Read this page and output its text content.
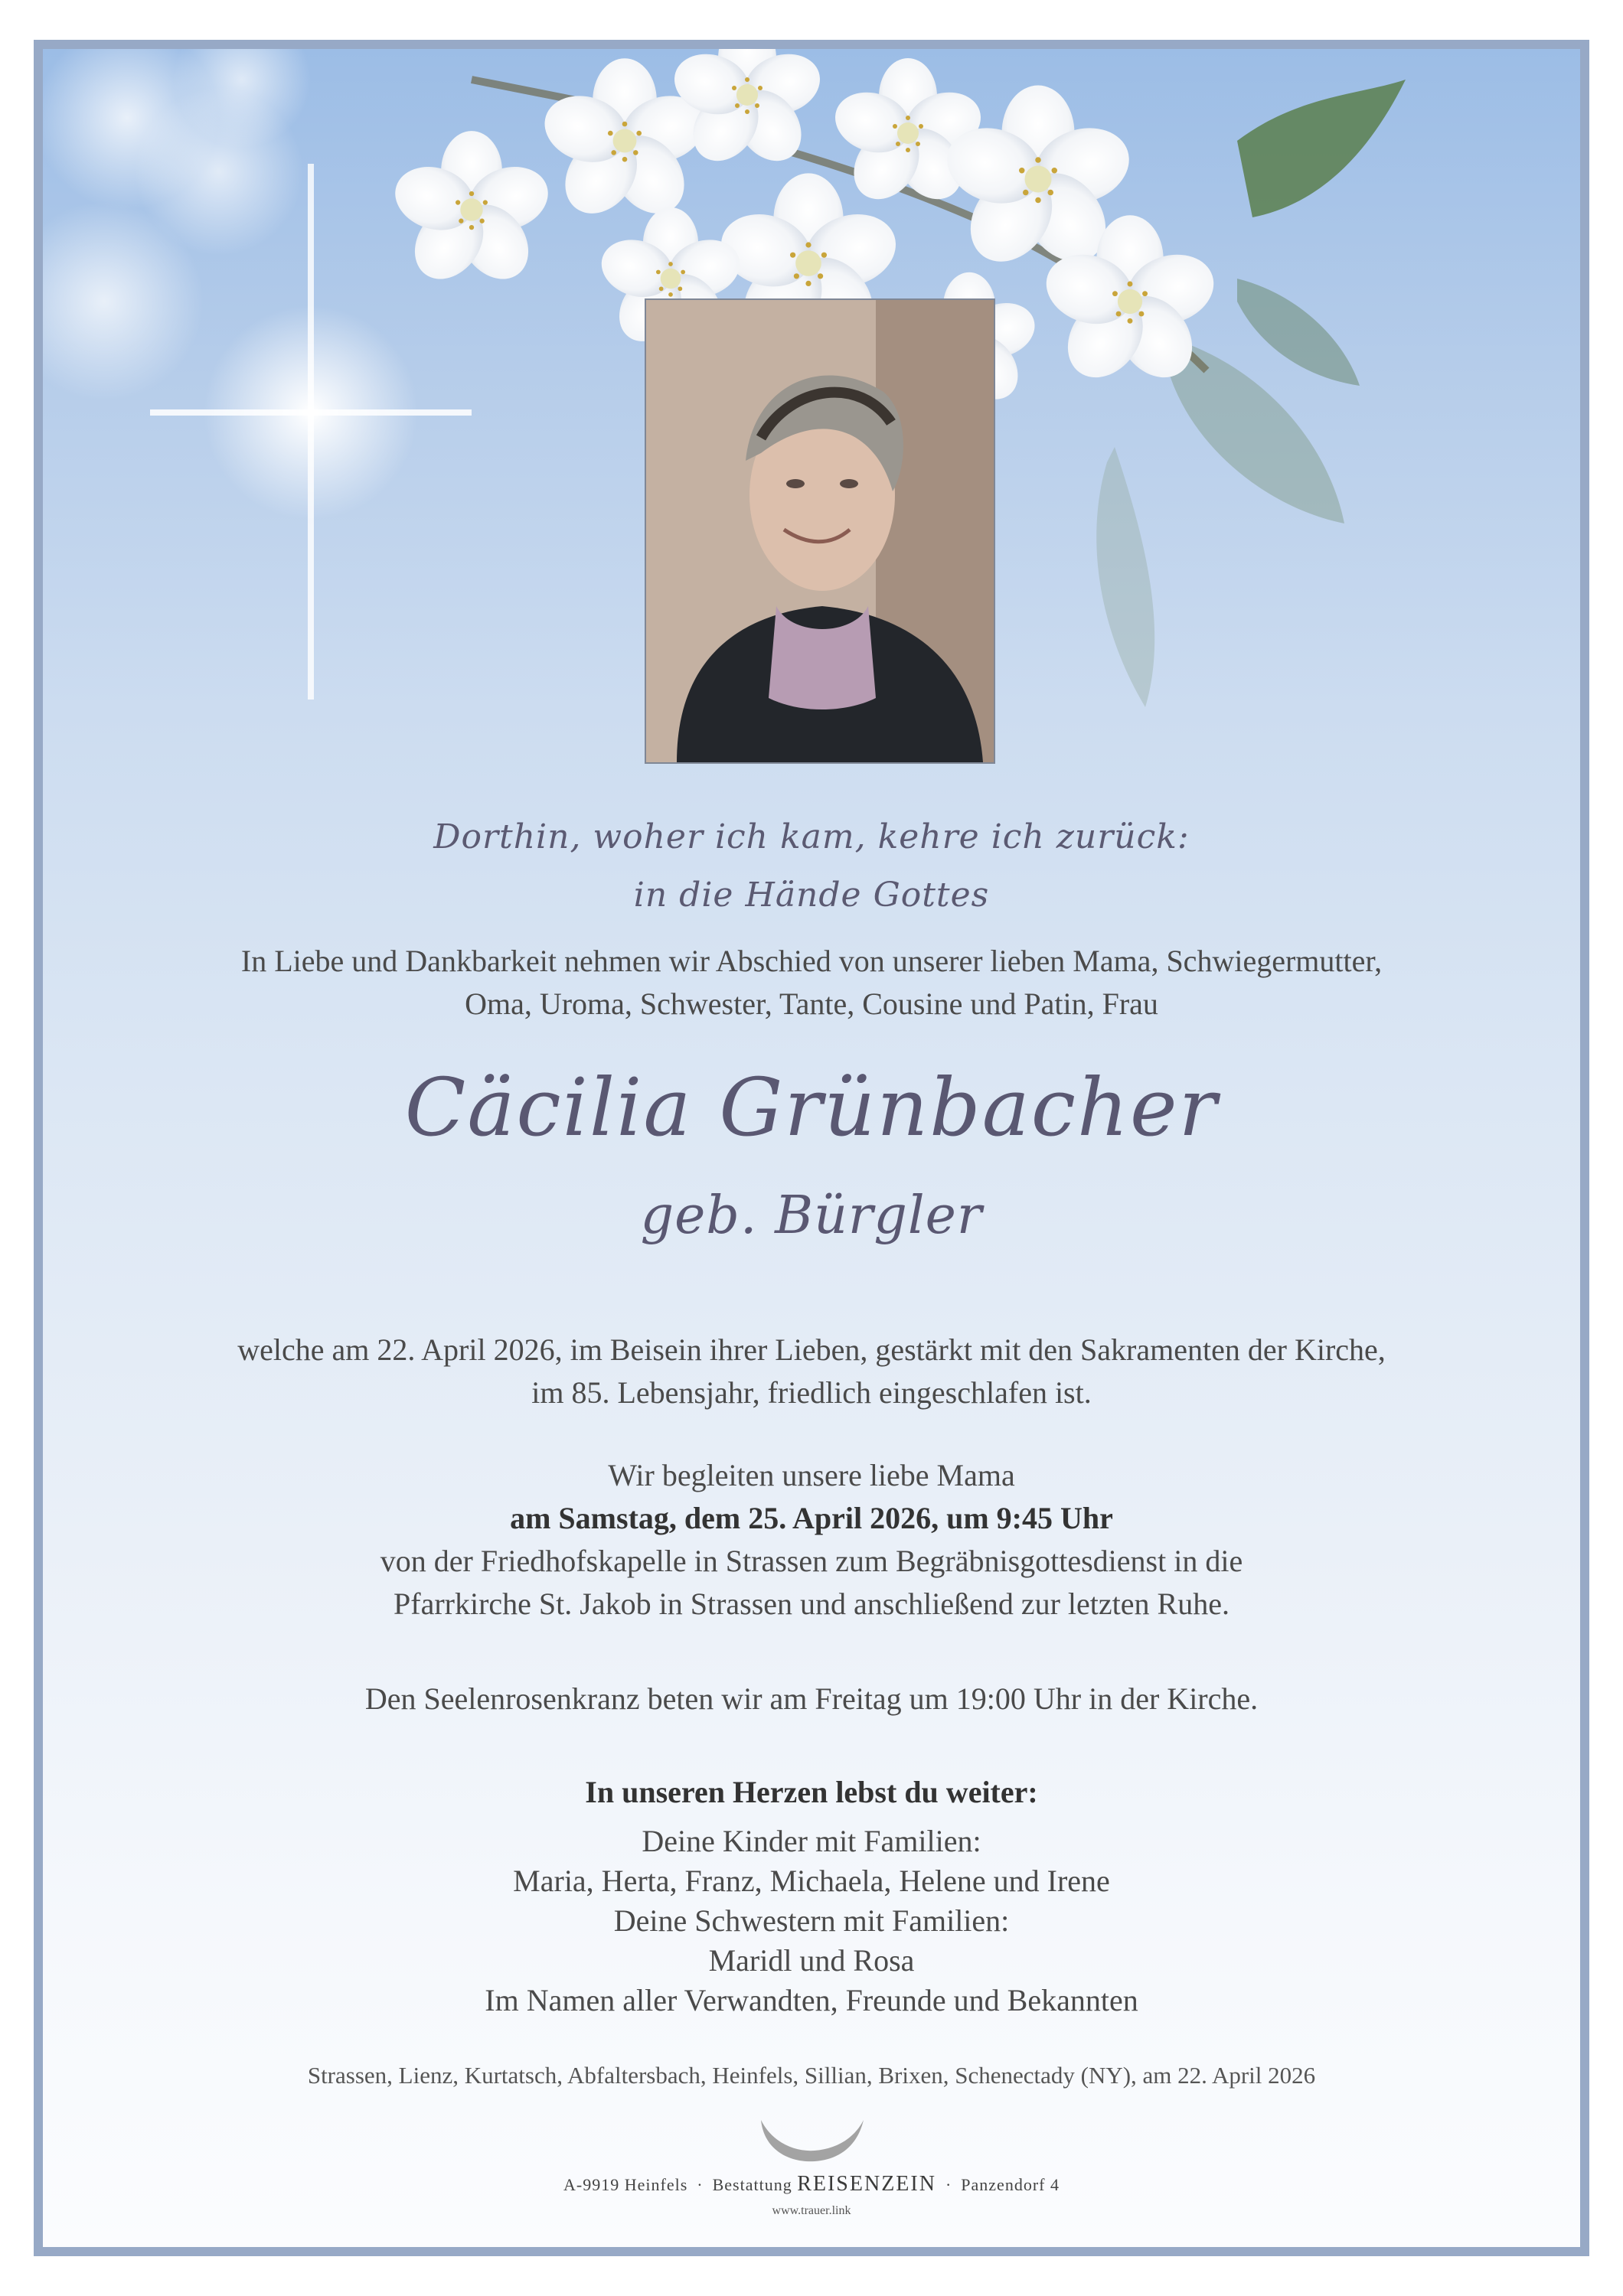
Dorthin, woher ich kam, kehre ich zurück:
in die Hände Gottes
In Liebe und Dankbarkeit nehmen wir Abschied von unserer lieben Mama, Schwiegermutter,
Oma, Uroma, Schwester, Tante, Cousine und Patin, Frau
Cäcilia Grünbacher
geb. Bürgler
welche am 22. April 2026, im Beisein ihrer Lieben, gestärkt mit den Sakramenten der Kirche,
im 85. Lebensjahr, friedlich eingeschlafen ist.
Wir begleiten unsere liebe Mama
am Samstag, dem 25. April 2026, um 9:45 Uhr
von der Friedhofskapelle in Strassen zum Begräbnisgottesdienst in die
Pfarrkirche St. Jakob in Strassen und anschließend zur letzten Ruhe.
Den Seelenrosenkranz beten wir am Freitag um 19:00 Uhr in der Kirche.
In unseren Herzen lebst du weiter:
Deine Kinder mit Familien:
Maria, Herta, Franz, Michaela, Helene und Irene
Deine Schwestern mit Familien:
Maridl und Rosa
Im Namen aller Verwandten, Freunde und Bekannten
Strassen, Lienz, Kurtatsch, Abfaltersbach, Heinfels, Sillian, Brixen, Schenectady (NY), am 22. April 2026
A-9919 Heinfels · Bestattung REISENZEIN · Panzendorf 4
www.trauer.link
